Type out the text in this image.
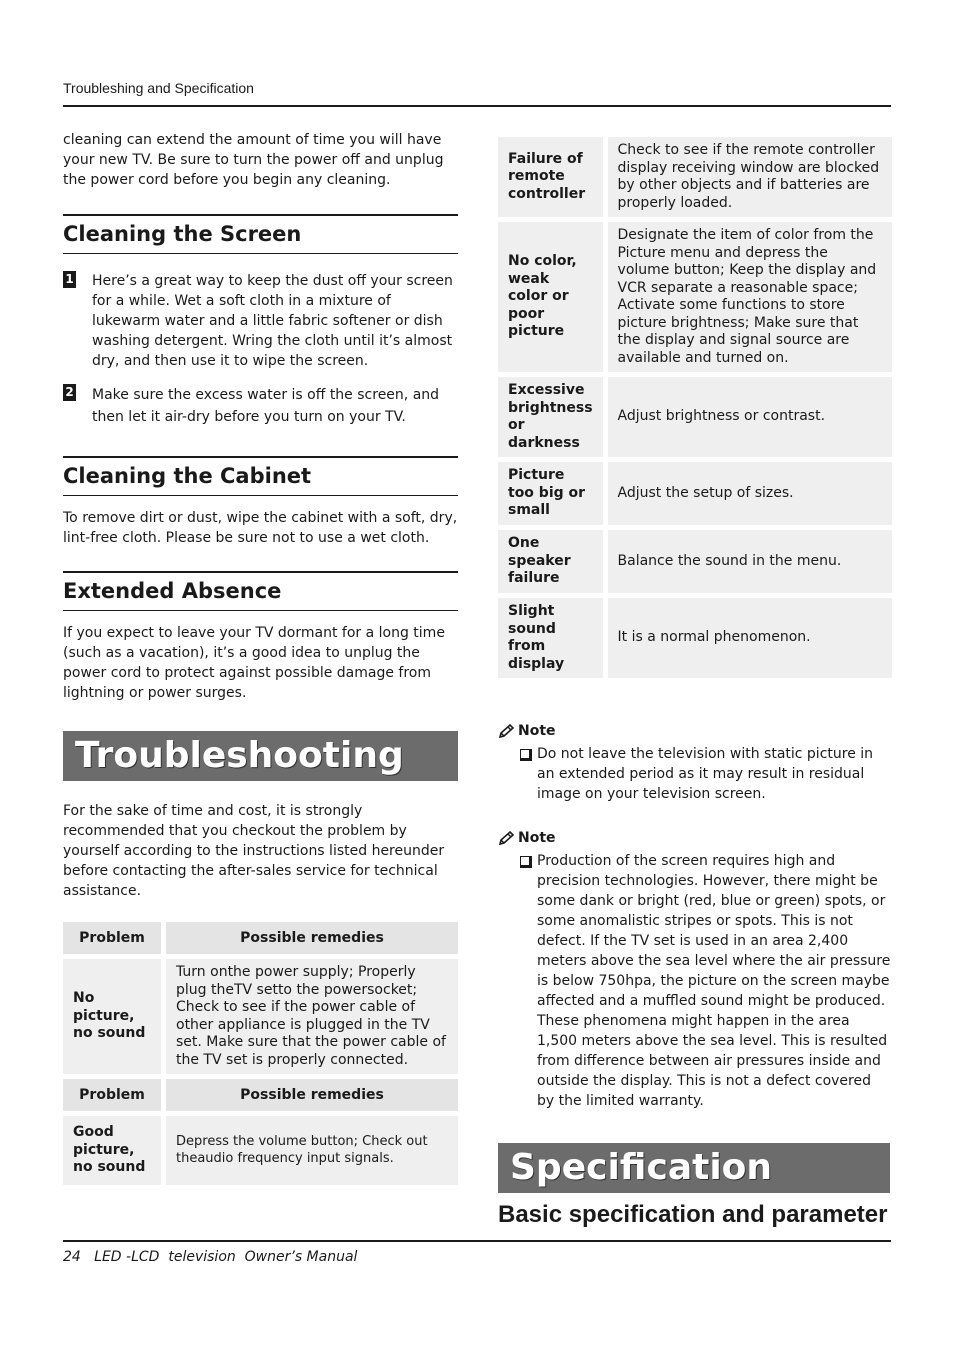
Troubleshing and Specification

cleaning can extend the amount of time you will have your new TV. Be sure to turn the power off and unplug the power cord before you begin any cleaning.

Cleaning the Screen
1 Here’s a great way to keep the dust off your screen for a while. Wet a soft cloth in a mixture of lukewarm water and a little fabric softener or dish washing detergent. Wring the cloth until it’s almost dry, and then use it to wipe the screen.
2 Make sure the excess water is off the screen, and then let it air-dry before you turn on your TV.
Cleaning the Cabinet

To remove dirt or dust, wipe the cabinet with a soft, dry, lint-free cloth. Please be sure not to use a wet cloth.

Extended Absence

If you expect to leave your TV dormant for a long time (such as a vacation), it’s a good idea to unplug the power cord to protect against possible damage from lightning or power surges.

Troubleshooting

For the sake of time and cost, it is strongly recommended that you checkout the problem by yourself according to the instructions listed hereunder before contacting the after-sales service for technical assistance.

Problem	Possible remedies
No picture, no sound	Turn onthe power supply; Properly plug theTV setto the powersocket; Check to see if the power cable of other appliance is plugged in the TV set. Make sure that the power cable of the TV set is properly connected.
Problem	Possible remedies
Good picture, no sound	Depress the volume button; Check out theaudio frequency input signals.
Failure of remote controller	Check to see if the remote controller display receiving window are blocked by other objects and if batteries are properly loaded.
No color, weak color or poor picture	Designate the item of color from the Picture menu and depress the volume button; Keep the display and VCR separate a reasonable space; Activate some functions to store picture brightness; Make sure that the display and signal source are available and turned on.
Excessive brightness or darkness	Adjust brightness or contrast.
Picture too big or small	Adjust the setup of sizes.
One speaker failure	Balance the sound in the menu.
Slight sound from display	It is a normal phenomenon.
Note
Do not leave the television with static picture in an extended period as it may result in residual image on your television screen.
Note
Production of the screen requires high and precision technologies. However, there might be some dank or bright (red, blue or green) spots, or some anomalistic stripes or spots. This is not defect. If the TV set is used in an area 2,400 meters above the sea level where the air pressure is below 750hpa, the picture on the screen maybe affected and a muffled sound might be produced. These phenomena might happen in the area 1,500 meters above the sea level. This is resulted from difference between air pressures inside and outside the display. This is not a defect covered by the limited warranty.
Specification
Basic specification and parameter
24   LED -LCD  television  Owner’s Manual
